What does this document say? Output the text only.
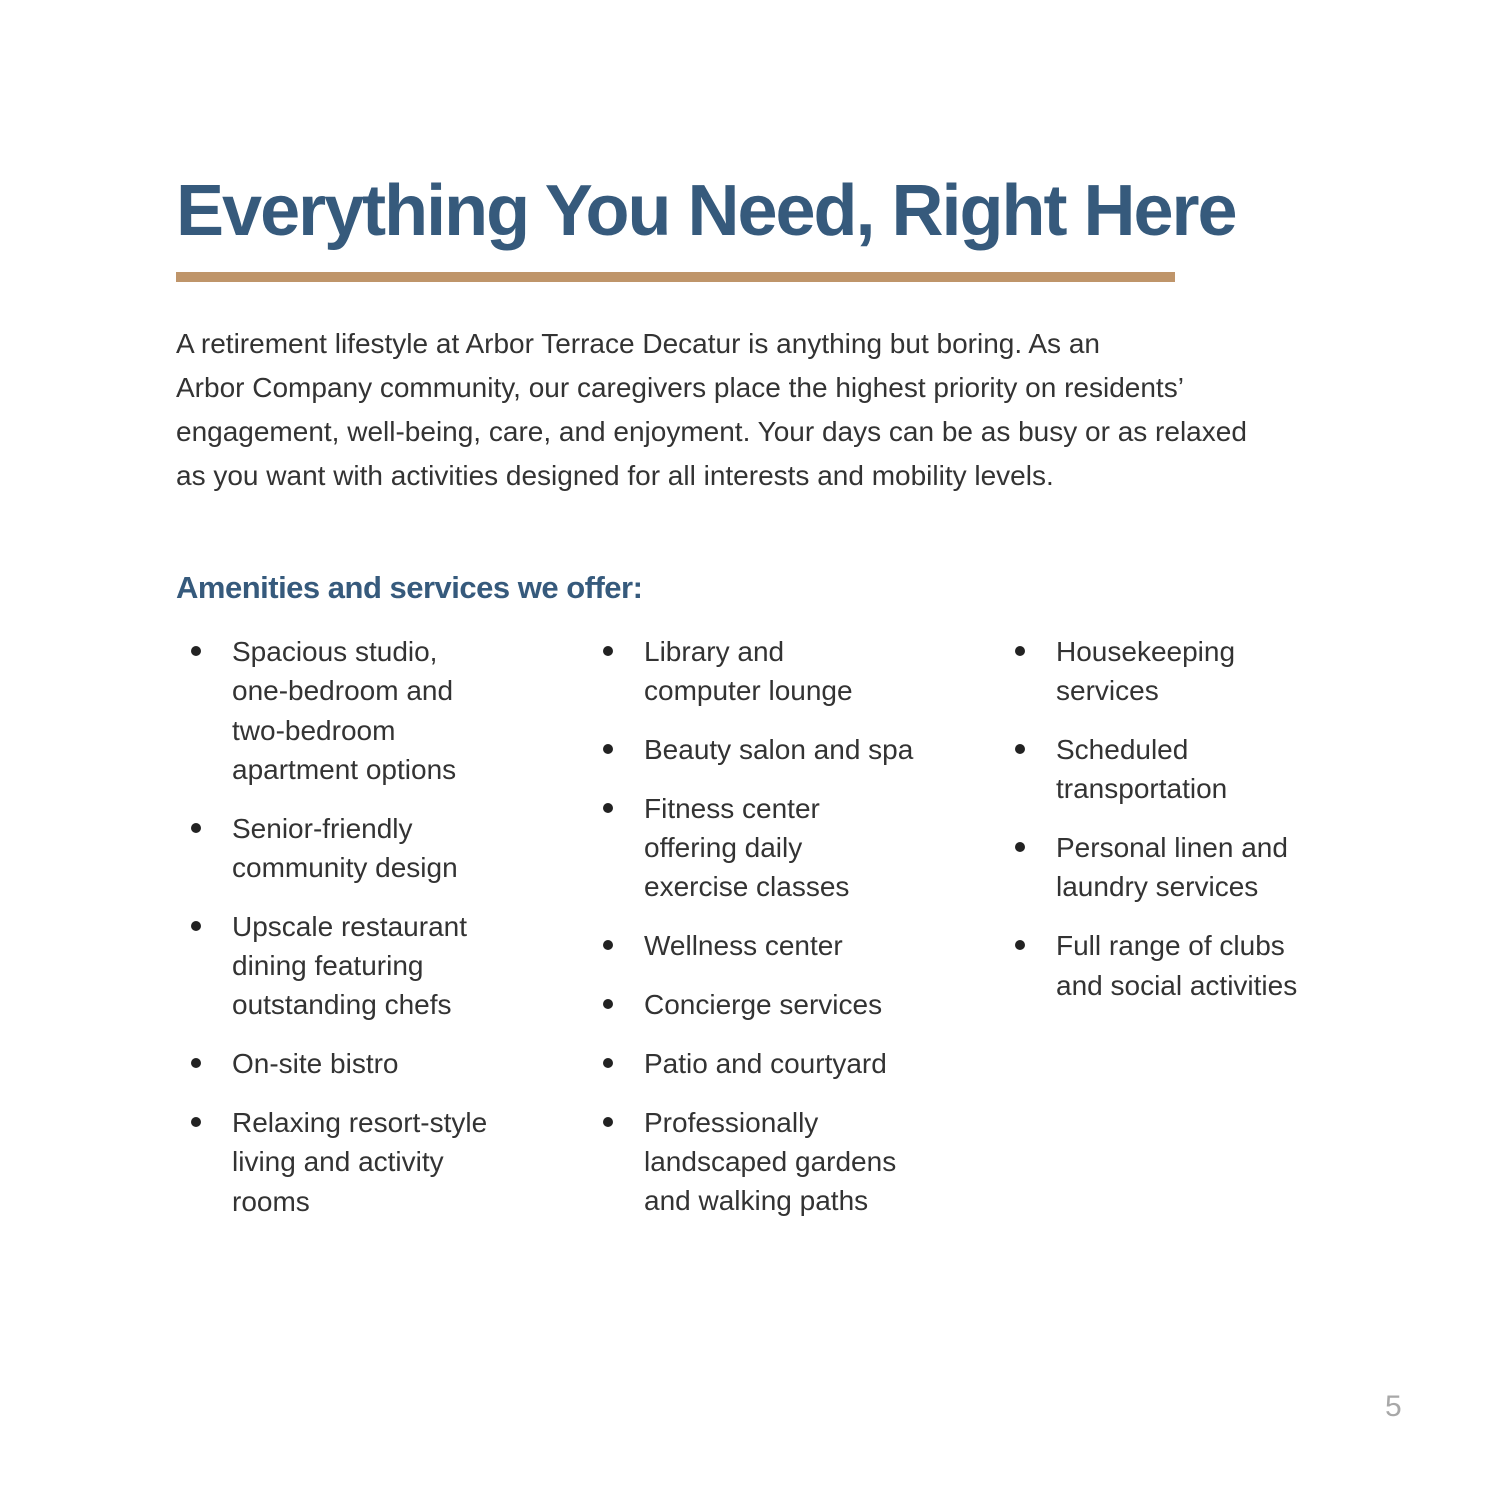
Everything You Need, Right Here

A retirement lifestyle at Arbor Terrace Decatur is anything but boring. As an
Arbor Company community, our caregivers place the highest priority on residents’
engagement, well-being, care, and enjoyment. Your days can be as busy or as relaxed
as you want with activities designed for all interests and mobility levels.

Amenities and services we offer:
Spacious studio,
one-bedroom and
two-bedroom
apartment options
Senior-friendly
community design
Upscale restaurant
dining featuring
outstanding chefs
On-site bistro
Relaxing resort-style
living and activity
rooms
Library and
computer lounge
Beauty salon and spa
Fitness center
offering daily
exercise classes
Wellness center
Concierge services
Patio and courtyard
Professionally
landscaped gardens
and walking paths
Housekeeping
services
Scheduled
transportation
Personal linen and
laundry services
Full range of clubs
and social activities
5
